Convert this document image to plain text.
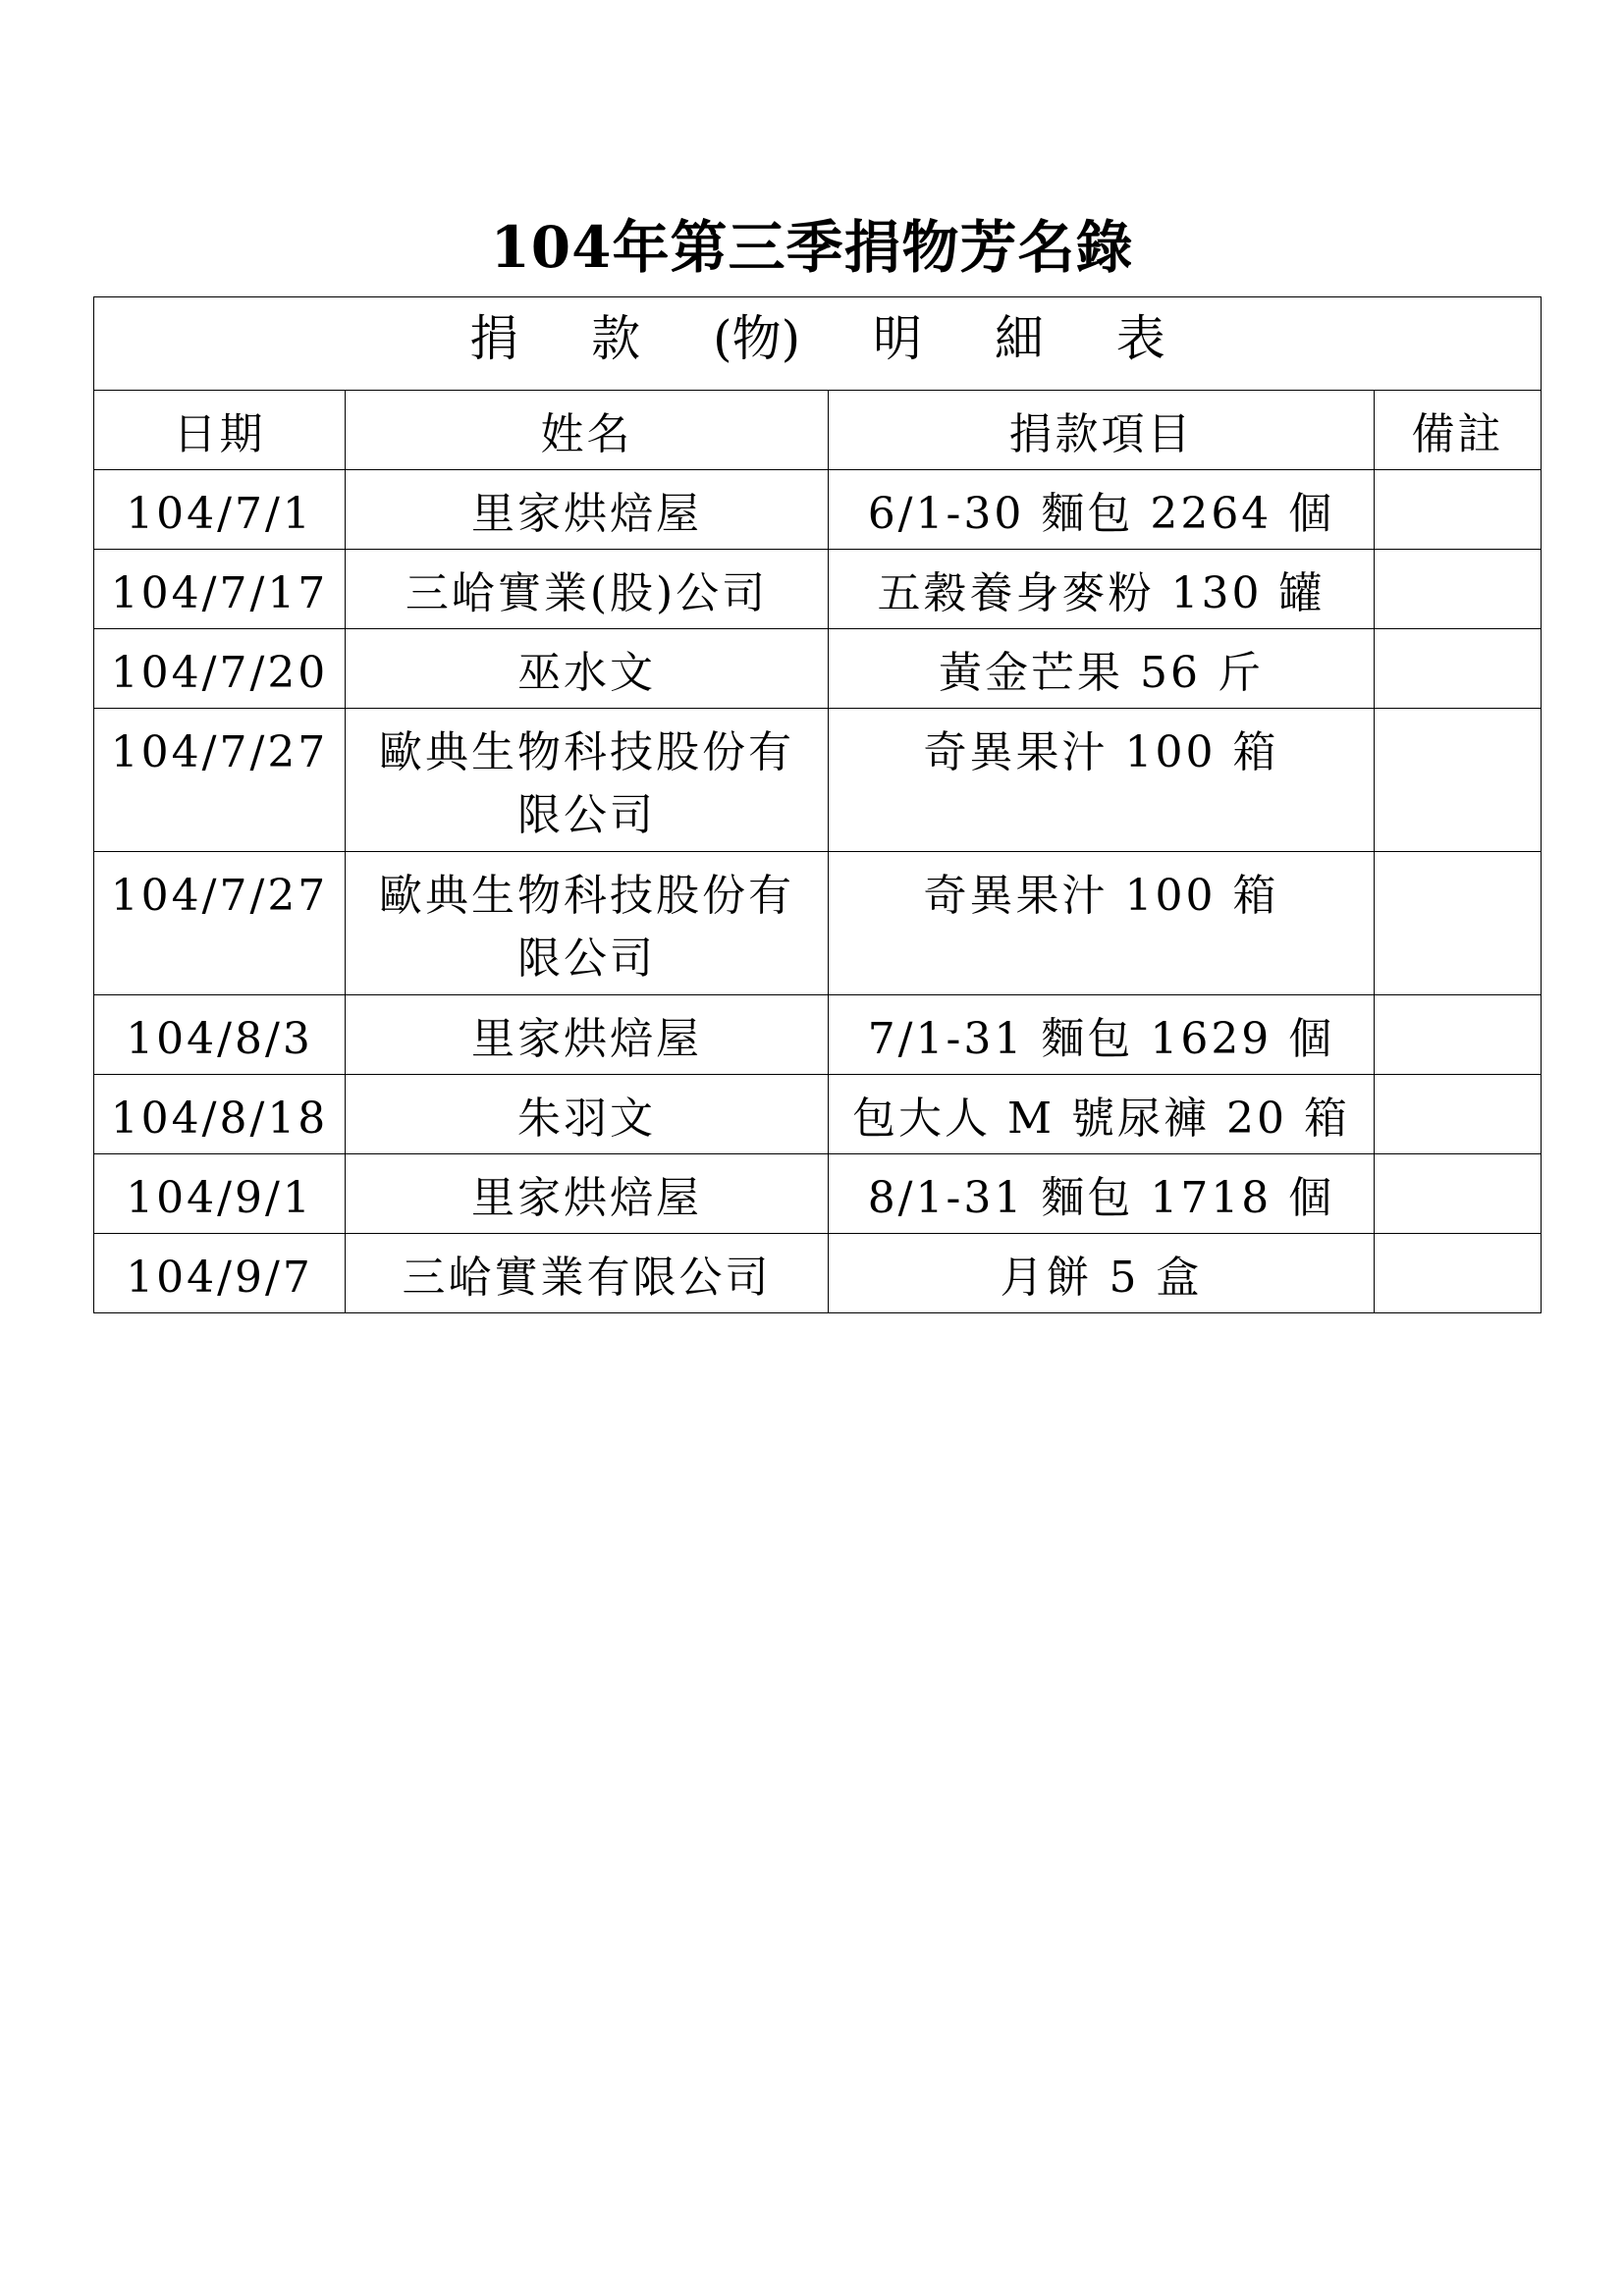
104年第三季捐物芳名錄
捐 款 (物) 明 細 表			
日期	姓名	捐款項目	備註
104/7/1	里家烘焙屋	6/1-30 麵包 2264 個	
104/7/17	三峆實業(股)公司	五穀養身麥粉 130 罐	
104/7/20	巫水文	黃金芒果 56 斤	
104/7/27	歐典生物科技股份有限公司	奇異果汁 100 箱	
104/7/27	歐典生物科技股份有限公司	奇異果汁 100 箱	
104/8/3	里家烘焙屋	7/1-31 麵包 1629 個	
104/8/18	朱羽文	包大人 M 號尿褲 20 箱	
104/9/1	里家烘焙屋	8/1-31 麵包 1718 個	
104/9/7	三峆實業有限公司	月餅 5 盒	
